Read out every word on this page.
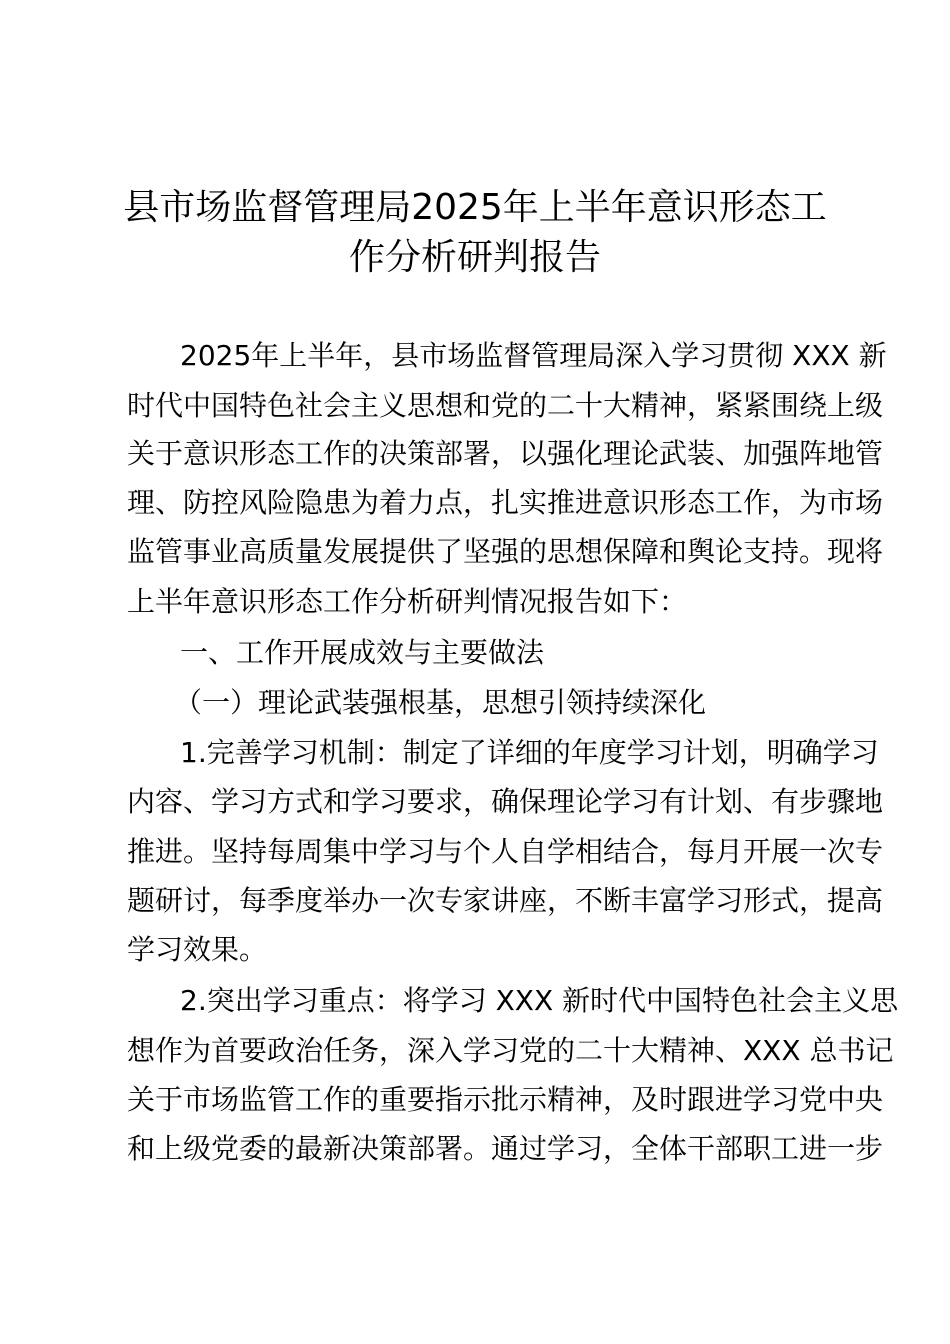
县市场监督管理局2025年上半年意识形态工
作分析研判报告
2025年上半年，县市场监督管理局深入学习贯彻 XXX 新
时代中国特色社会主义思想和党的二十大精神，紧紧围绕上级
关于意识形态工作的决策部署，以强化理论武装、加强阵地管
理、防控风险隐患为着力点，扎实推进意识形态工作，为市场
监管事业高质量发展提供了坚强的思想保障和舆论支持。现将
上半年意识形态工作分析研判情况报告如下：
一、工作开展成效与主要做法
（一）理论武装强根基，思想引领持续深化
1.完善学习机制：制定了详细的年度学习计划，明确学习
内容、学习方式和学习要求，确保理论学习有计划、有步骤地
推进。坚持每周集中学习与个人自学相结合，每月开展一次专
题研讨，每季度举办一次专家讲座，不断丰富学习形式，提高
学习效果。
2.突出学习重点：将学习 XXX 新时代中国特色社会主义思
想作为首要政治任务，深入学习党的二十大精神、XXX 总书记
关于市场监管工作的重要指示批示精神，及时跟进学习党中央
和上级党委的最新决策部署。通过学习，全体干部职工进一步
